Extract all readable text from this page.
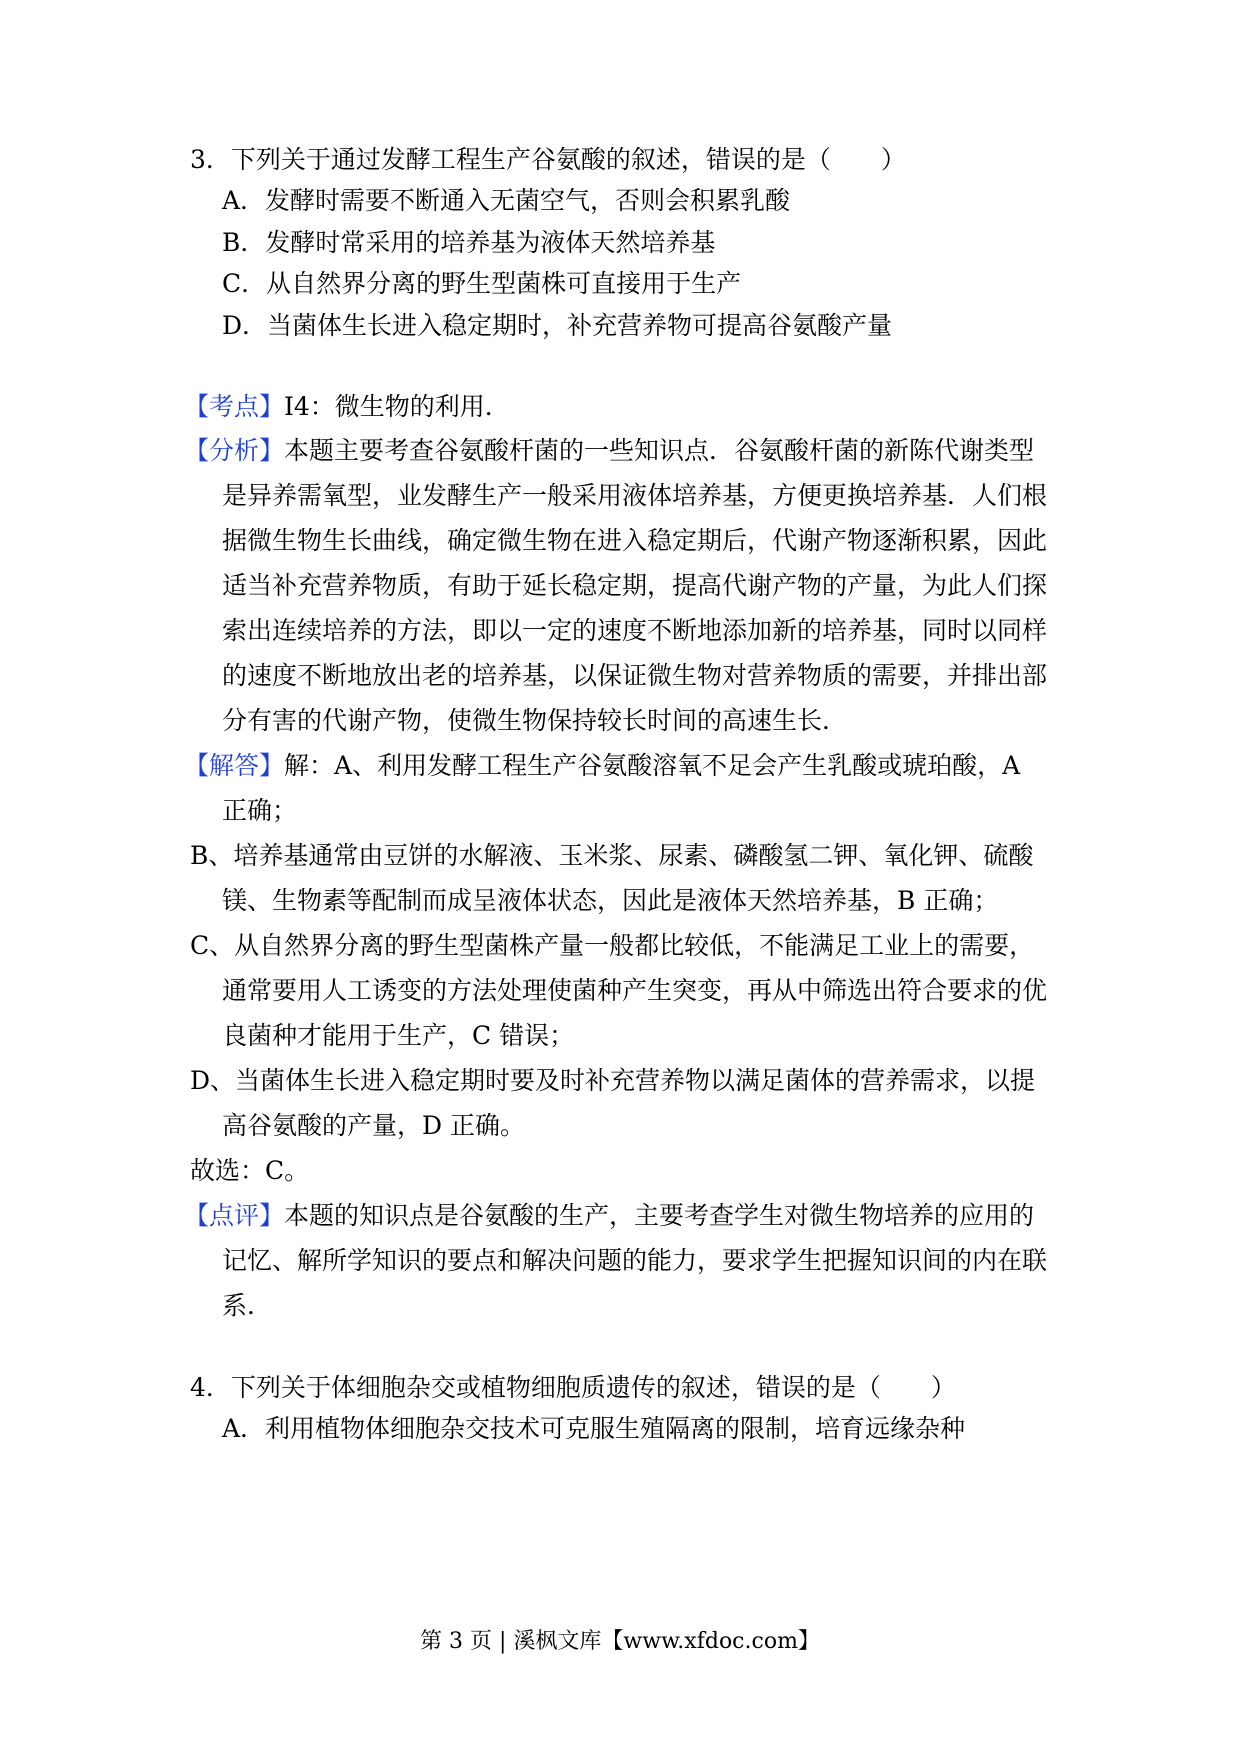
3．下列关于通过发酵工程生产谷氨酸的叙述，错误的是（　　）
A．发酵时需要不断通入无菌空气，否则会积累乳酸
B．发酵时常采用的培养基为液体天然培养基
C．从自然界分离的野生型菌株可直接用于生产
D．当菌体生长进入稳定期时，补充营养物可提高谷氨酸产量
【考点】I4：微生物的利用．
【分析】本题主要考查谷氨酸杆菌的一些知识点．谷氨酸杆菌的新陈代谢类型
是异养需氧型，业发酵生产一般采用液体培养基，方便更换培养基．人们根
据微生物生长曲线，确定微生物在进入稳定期后，代谢产物逐渐积累，因此
适当补充营养物质，有助于延长稳定期，提高代谢产物的产量，为此人们探
索出连续培养的方法，即以一定的速度不断地添加新的培养基，同时以同样
的速度不断地放出老的培养基，以保证微生物对营养物质的需要，并排出部
分有害的代谢产物，使微生物保持较长时间的高速生长．
【解答】解：A、利用发酵工程生产谷氨酸溶氧不足会产生乳酸或琥珀酸，A
正确；
B、培养基通常由豆饼的水解液、玉米浆、尿素、磷酸氢二钾、氧化钾、硫酸
镁、生物素等配制而成呈液体状态，因此是液体天然培养基，B 正确；
C、从自然界分离的野生型菌株产量一般都比较低，不能满足工业上的需要，
通常要用人工诱变的方法处理使菌种产生突变，再从中筛选出符合要求的优
良菌种才能用于生产，C 错误；
D、当菌体生长进入稳定期时要及时补充营养物以满足菌体的营养需求，以提
高谷氨酸的产量，D 正确。
故选：C。
【点评】本题的知识点是谷氨酸的生产，主要考查学生对微生物培养的应用的
记忆、解所学知识的要点和解决问题的能力，要求学生把握知识间的内在联
系．
4．下列关于体细胞杂交或植物细胞质遗传的叙述，错误的是（　　）
A．利用植物体细胞杂交技术可克服生殖隔离的限制，培育远缘杂种
第 3 页 | 溪枫文库【www.xfdoc.com】
